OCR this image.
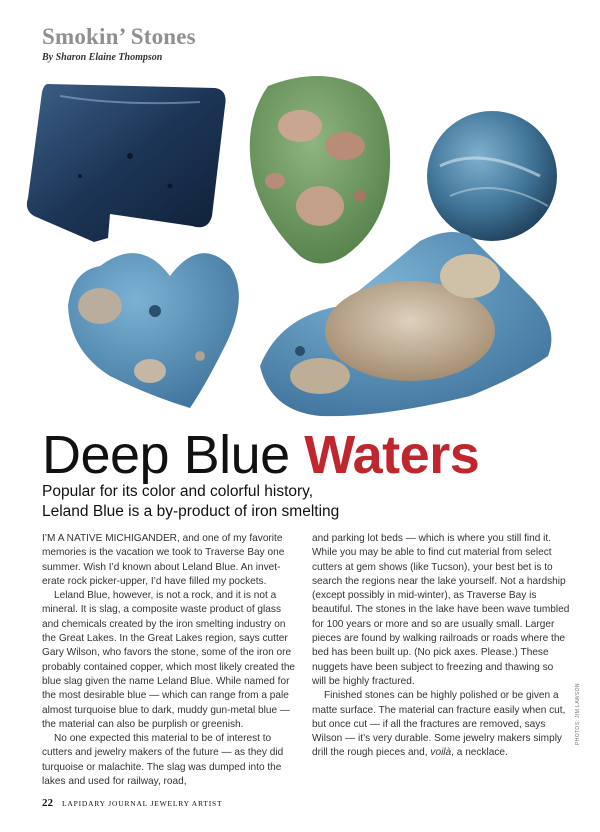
Smokin’ Stones
By Sharon Elaine Thompson
Deep Blue Waters
Popular for its color and colorful history,
Leland Blue is a by-product of iron smelting

I’M A NATIVE MICHIGANDER, and one of my favorite memories is the vacation we took to Traverse Bay one summer. Wish I’d known about Leland Blue. An invet-erate rock picker-upper, I’d have filled my pockets.

Leland Blue, however, is not a rock, and it is not a mineral. It is slag, a composite waste product of glass and chemicals created by the iron smelting industry on the Great Lakes. In the Great Lakes region, says cutter Gary Wilson, who favors the stone, some of the iron ore probably contained copper, which most likely created the blue slag given the name Leland Blue. While named for the most desirable blue — which can range from a pale almost turquoise blue to dark, muddy gun-metal blue — the material can also be purplish or greenish.

No one expected this material to be of interest to cutters and jewelry makers of the future — as they did turquoise or malachite. The slag was dumped into the lakes and used for railway, road,

and parking lot beds — which is where you still find it. While you may be able to find cut material from select cutters at gem shows (like Tucson), your best bet is to search the regions near the lake yourself. Not a hardship (except possibly in mid-winter), as Traverse Bay is beautiful. The stones in the lake have been wave tumbled for 100 years or more and so are usually small. Larger pieces are found by walking railroads or roads where the bed has been built up. (No pick axes. Please.) These nuggets have been subject to freezing and thawing so will be highly fractured.

Finished stones can be highly polished or be given a matte surface. The material can fracture easily when cut, but once cut — if all the fractures are removed, says Wilson — it’s very durable. Some jewelry makers simply drill the rough pieces and, voilà, a necklace.

22 LAPIDARY JOURNAL JEWELRY ARTIST
PHOTOS: JIM LAWSON
